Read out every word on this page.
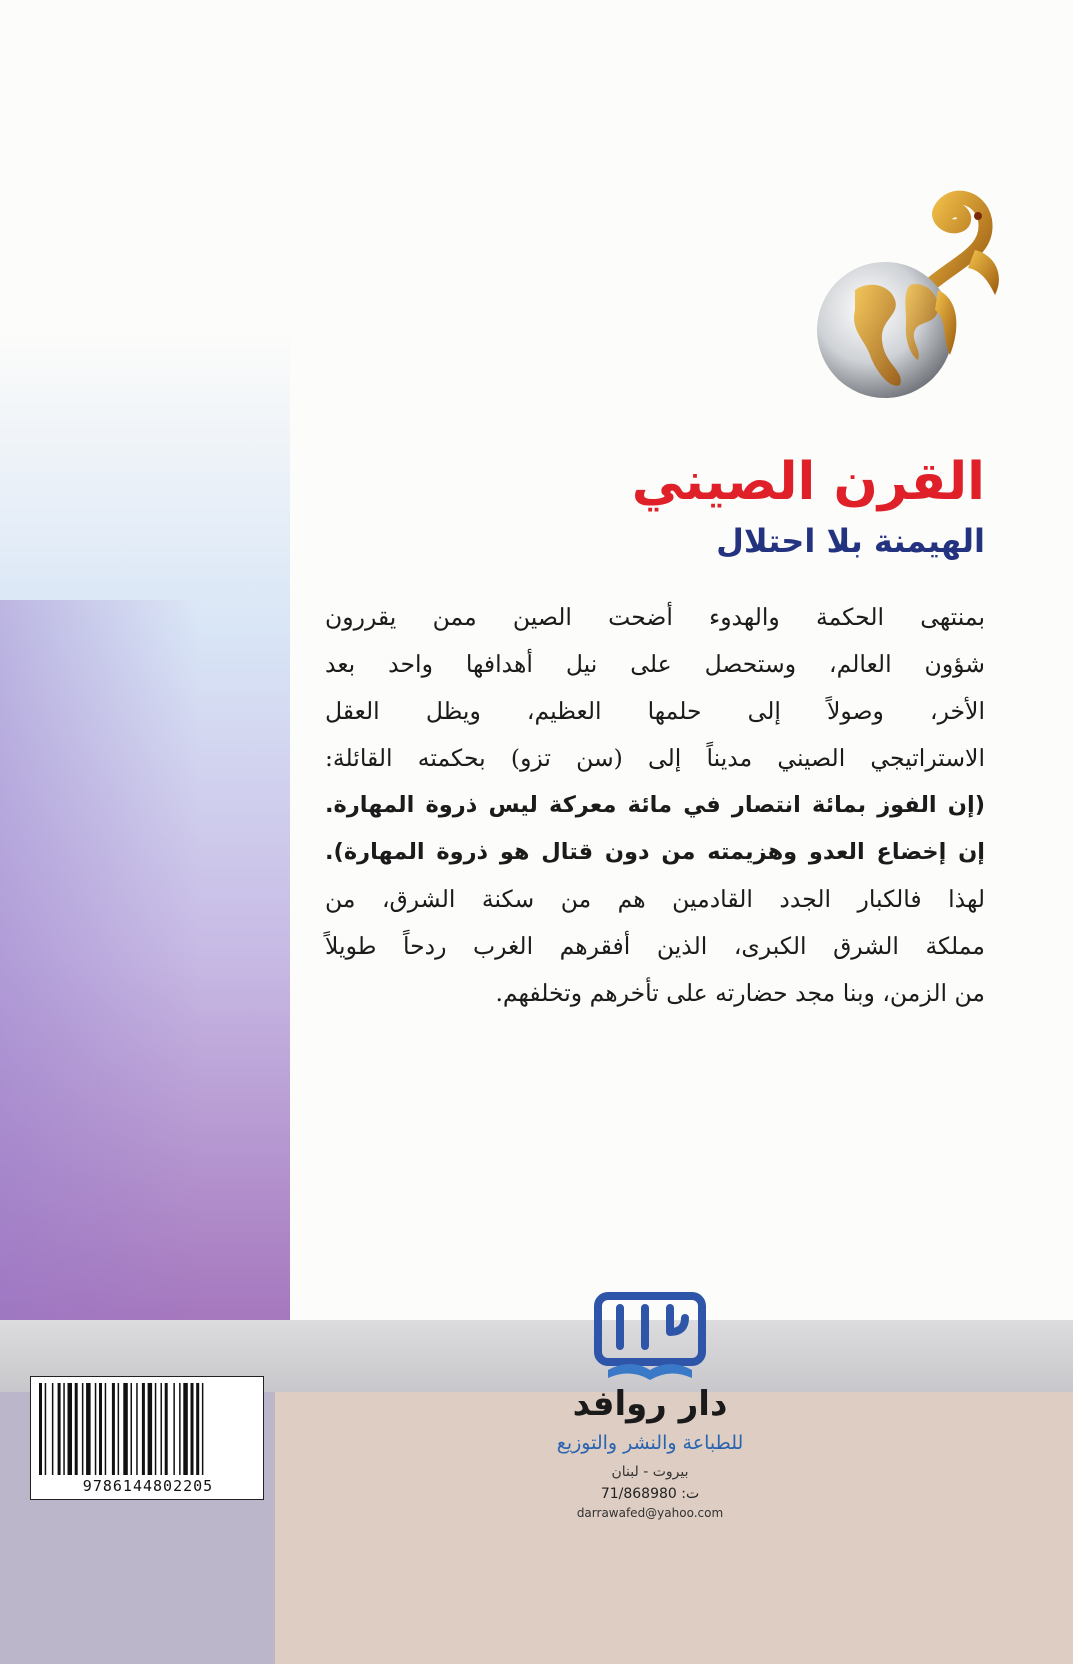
القرن الصيني
الهيمنة بلا احتلال
بمنتهى الحكمة والهدوء أضحت الصين ممن يقررون
شؤون العالم، وستحصل على نيل أهدافها واحد بعد
الأخر، وصولاً إلى حلمها العظيم، ويظل العقل
الاستراتيجي الصيني مديناً إلى (سن تزو) بحكمته القائلة:
(إن الفوز بمائة انتصار في مائة معركة ليس ذروة المهارة.
إن إخضاع العدو وهزيمته من دون قتال هو ذروة المهارة).
لهذا فالكبار الجدد القادمين هم من سكنة الشرق، من
مملكة الشرق الكبرى، الذين أفقرهم الغرب ردحاً طويلاً
من الزمن، وبنا مجد حضارته على تأخرهم وتخلفهم.
9786144802205
دار روافد
للطباعة والنشر والتوزيع
بيروت - لبنان
ت: 71/868980
darrawafed@yahoo.com
